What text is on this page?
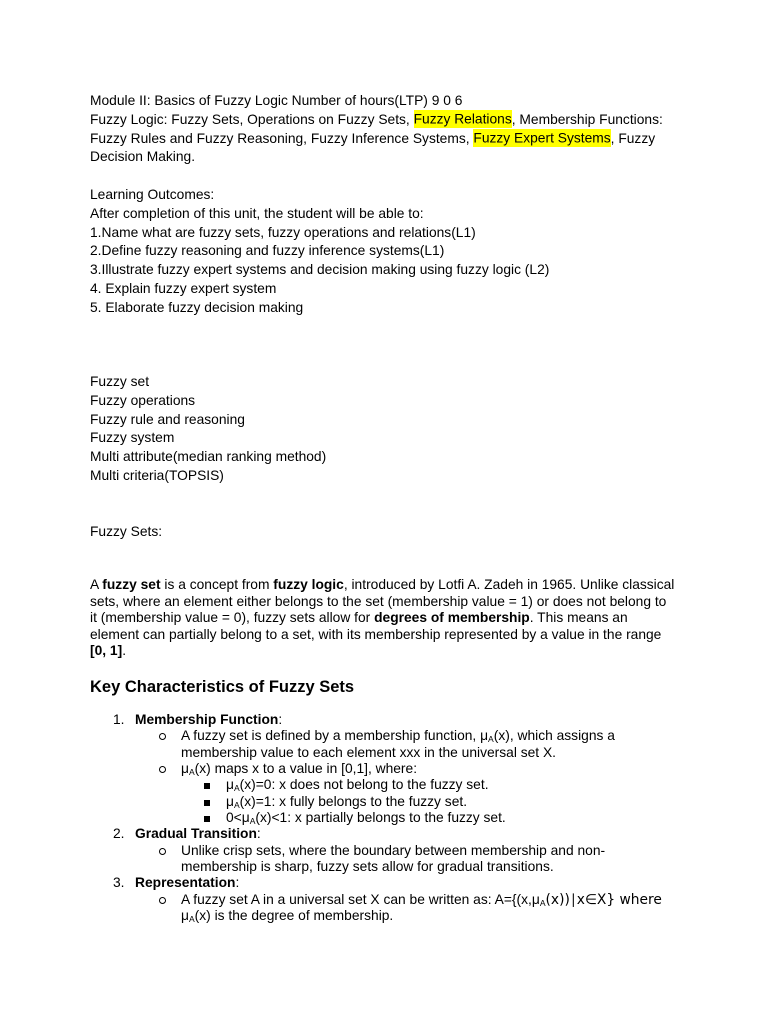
Module II: Basics of Fuzzy Logic Number of hours(LTP) 9 0 6
Fuzzy Logic: Fuzzy Sets, Operations on Fuzzy Sets, Fuzzy Relations, Membership Functions:
Fuzzy Rules and Fuzzy Reasoning, Fuzzy Inference Systems, Fuzzy Expert Systems, Fuzzy
Decision Making.
Learning Outcomes:
After completion of this unit, the student will be able to:
1.Name what are fuzzy sets, fuzzy operations and relations(L1)
2.Define fuzzy reasoning and fuzzy inference systems(L1)
3.Illustrate fuzzy expert systems and decision making using fuzzy logic (L2)
4. Explain fuzzy expert system
5. Elaborate fuzzy decision making
Fuzzy set
Fuzzy operations
Fuzzy rule and reasoning
Fuzzy system
Multi attribute(median ranking method)
Multi criteria(TOPSIS)
Fuzzy Sets:
A fuzzy set is a concept from fuzzy logic, introduced by Lotfi A. Zadeh in 1965. Unlike classical
sets, where an element either belongs to the set (membership value = 1) or does not belong to
it (membership value = 0), fuzzy sets allow for degrees of membership. This means an
element can partially belong to a set, with its membership represented by a value in the range
[0, 1].
Key Characteristics of Fuzzy Sets
1. Membership Function:
A fuzzy set is defined by a membership function, μA(x), which assigns a
membership value to each element xxx in the universal set X.
μA(x) maps x to a value in [0,1], where:
μA(x)=0: x does not belong to the fuzzy set.
μA(x)=1: x fully belongs to the fuzzy set.
0<μA(x)<1: x partially belongs to the fuzzy set.
2. Gradual Transition:
Unlike crisp sets, where the boundary between membership and non-
membership is sharp, fuzzy sets allow for gradual transitions.
3. Representation:
A fuzzy set A in a universal set X can be written as: A={(x,μA(x))∣x∈X} where
μA(x) is the degree of membership.
